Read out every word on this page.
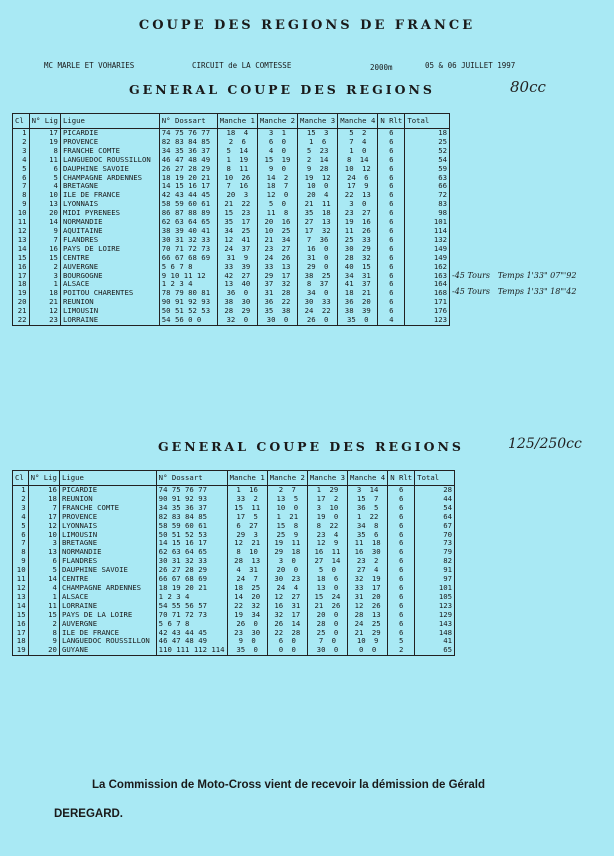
COUPE DES REGIONS DE FRANCE
MC MARLE ET VOHARIES	CIRCUIT de LA COMTESSE	2000m	05 & 06 JUILLET 1997
GENERAL COUPE DES REGIONS	80cc
Cl	N° Lig	Ligue	N° Dossart	Manche 1	Manche 2	Manche 3	Manche 4	N Rlt	Total
1	17	PICARDIE	74 75 76 77	18 4	3 1	15 3	5 2	6	18
2	19	PROVENCE	82 83 84 85	2 6	6 0	1 6	7 4	6	25
3	8	FRANCHE COMTE	34 35 36 37	5 14	4 0	5 23	1 0	6	52
4	11	LANGUEDOC ROUSSILLON	46 47 48 49	1 19	15 19	2 14	8 14	6	54
5	6	DAUPHINE SAVOIE	26 27 28 29	8 11	9 0	9 28	10 12	6	59
6	5	CHAMPAGNE ARDENNES	18 19 20 21	10 26	14 2	19 12	24 6	6	63
7	4	BRETAGNE	14 15 16 17	7 16	18 7	10 0	17 9	6	66
8	10	ILE DE FRANCE	42 43 44 45	20 3	12 0	20 4	22 13	6	72
9	13	LYONNAIS	58 59 60 61	21 22	5 0	21 11	3 0	6	83
10	20	MIDI PYRENEES	86 87 88 89	15 23	11 8	35 18	23 27	6	98
11	14	NORMANDIE	62 63 64 65	35 17	20 16	27 13	19 16	6	101
12	9	AQUITAINE	38 39 40 41	34 25	10 25	17 32	11 26	6	114
13	7	FLANDRES	30 31 32 33	12 41	21 34	7 36	25 33	6	132
14	16	PAYS DE LOIRE	70 71 72 73	24 37	23 27	16 0	30 29	6	149
15	15	CENTRE	66 67 68 69	31 9	24 26	31 0	28 32	6	149
16	2	AUVERGNE	5 6 7 8	33 39	33 13	29 0	40 15	6	162
17	3	BOURGOGNE	9 10 11 12	42 27	29 17	38 25	34 31	6	163
18	1	ALSACE	1 2 3 4	13 40	37 32	8 37	41 37	6	164
19	18	POITOU CHARENTES	78 79 80 81	36 0	31 28	34 0	18 21	6	168
20	21	REUNION	90 91 92 93	38 30	36 22	30 33	36 20	6	171
21	12	LIMOUSIN	50 51 52 53	28 29	35 38	24 22	38 39	6	176
22	23	LORRAINE	54 56 0 0	32 0	30 0	26 0	35 0	4	123
-45 Tours Temps 1'33" 07"'92
-45 Tours Temps 1'33" 18"'42
GENERAL COUPE DES REGIONS	125/250cc
Cl	N° Lig	Ligue	N° Dossart	Manche 1	Manche 2	Manche 3	Manche 4	N Rlt	Total
1	16	PICARDIE	74 75 76 77	1 16	2 7	1 29	3 14	6	28
2	18	REUNION	90 91 92 93	33 2	13 5	17 2	15 7	6	44
3	7	FRANCHE COMTE	34 35 36 37	15 11	10 0	3 10	36 5	6	54
4	17	PROVENCE	82 83 84 85	17 5	1 21	19 0	1 22	6	64
5	12	LYONNAIS	58 59 60 61	6 27	15 8	8 22	34 8	6	67
6	10	LIMOUSIN	50 51 52 53	29 3	25 9	23 4	35 6	6	70
7	3	BRETAGNE	14 15 16 17	12 21	19 11	12 9	11 18	6	73
8	13	NORMANDIE	62 63 64 65	8 10	29 18	16 11	16 30	6	79
9	6	FLANDRES	30 31 32 33	28 13	3 0	27 14	23 2	6	82
10	5	DAUPHINE SAVOIE	26 27 28 29	4 31	20 0	5 0	27 4	6	91
11	14	CENTRE	66 67 68 69	24 7	30 23	18 6	32 19	6	97
12	4	CHAMPAGNE ARDENNES	18 19 20 21	18 25	24 4	13 0	33 17	6	101
13	1	ALSACE	1 2 3 4	14 20	12 27	15 24	31 20	6	105
14	11	LORRAINE	54 55 56 57	22 32	16 31	21 26	12 26	6	123
15	15	PAYS DE LA LOIRE	70 71 72 73	19 34	32 17	20 0	28 13	6	129
16	2	AUVERGNE	5 6 7 8	26 0	26 14	28 0	24 25	6	143
17	8	ILE DE FRANCE	42 43 44 45	23 30	22 28	25 0	21 29	6	148
18	9	LANGUEDOC ROUSSILLON	46 47 48 49	9 0	6 0	7 0	10 9	5	41
19	20	GUYANE	110 111 112 114	35 0	0 0	30 0	0 0	2	65
La Commission de Moto-Cross vient de recevoir la démission de Gérald
DEREGARD.
